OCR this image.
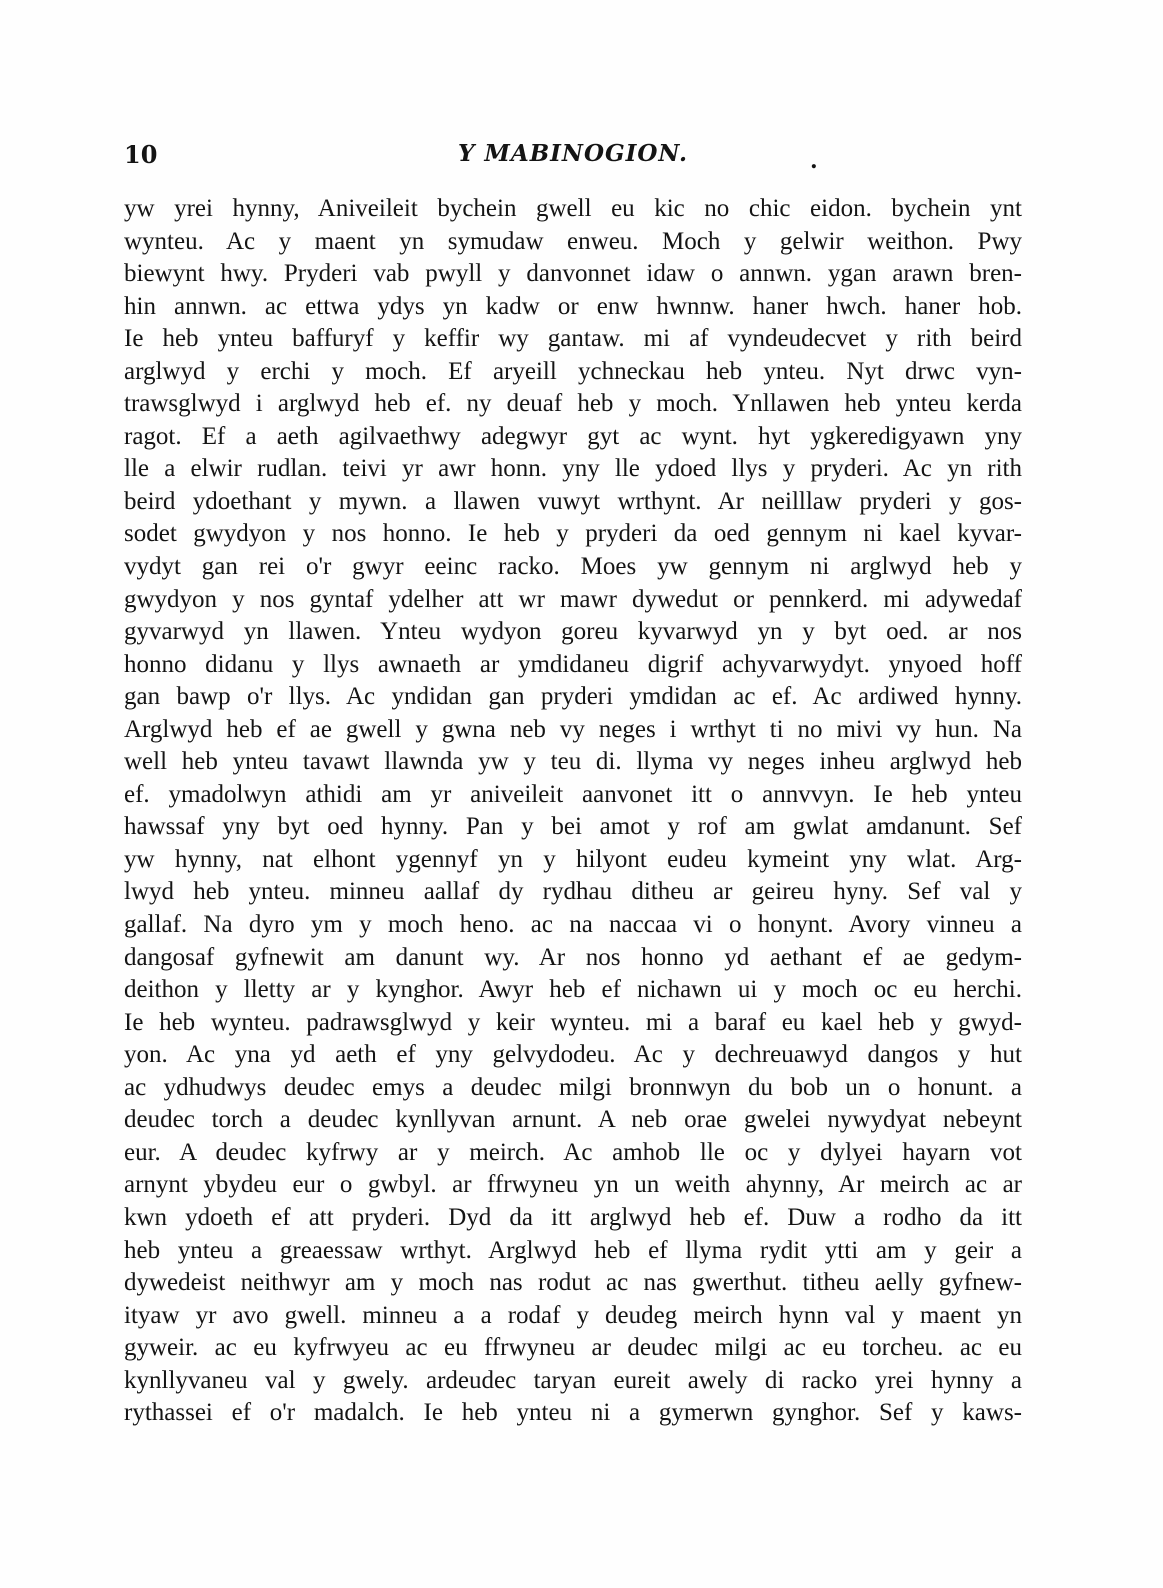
10	Y MABINOGION.	.
yw yrei hynny, Aniveileit bychein gwell eu kic no chic eidon. bychein ynt
wynteu. Ac y maent yn symudaw enweu. Moch y gelwir weithon. Pwy
biewynt hwy. Pryderi vab pwyll y danvonnet idaw o annwn. ygan arawn bren-
hin annwn. ac ettwa ydys yn kadw or enw hwnnw. haner hwch. haner hob.
Ie heb ynteu baffuryf y keffir wy gantaw. mi af vyndeudecvet y rith beird
arglwyd y erchi y moch. Ef aryeill ychneckau heb ynteu. Nyt drwc vyn-
trawsglwyd i arglwyd heb ef. ny deuaf heb y moch. Ynllawen heb ynteu kerda
ragot. Ef a aeth agilvaethwy adegwyr gyt ac wynt. hyt ygkeredigyawn yny
lle a elwir rudlan. teivi yr awr honn. yny lle ydoed llys y pryderi. Ac yn rith
beird ydoethant y mywn. a llawen vuwyt wrthynt. Ar neilllaw pryderi y gos-
sodet gwydyon y nos honno. Ie heb y pryderi da oed gennym ni kael kyvar-
vydyt gan rei o'r gwyr eeinc racko. Moes yw gennym ni arglwyd heb y
gwydyon y nos gyntaf ydelher att wr mawr dywedut or pennkerd. mi adywedaf
gyvarwyd yn llawen. Ynteu wydyon goreu kyvarwyd yn y byt oed. ar nos
honno didanu y llys awnaeth ar ymdidaneu digrif achyvarwydyt. ynyoed hoff
gan bawp o'r llys. Ac yndidan gan pryderi ymdidan ac ef. Ac ardiwed hynny.
Arglwyd heb ef ae gwell y gwna neb vy neges i wrthyt ti no mivi vy hun. Na
well heb ynteu tavawt llawnda yw y teu di. llyma vy neges inheu arglwyd heb
ef. ymadolwyn athidi am yr aniveileit aanvonet itt o annvvyn. Ie heb ynteu
hawssaf yny byt oed hynny. Pan y bei amot y rof am gwlat amdanunt. Sef
yw hynny, nat elhont ygennyf yn y hilyont eudeu kymeint yny wlat. Arg-
lwyd heb ynteu. minneu aallaf dy rydhau ditheu ar geireu hyny. Sef val y
gallaf. Na dyro ym y moch heno. ac na naccaa vi o honynt. Avory vinneu a
dangosaf gyfnewit am danunt wy. Ar nos honno yd aethant ef ae gedym-
deithon y lletty ar y kynghor. Awyr heb ef nichawn ui y moch oc eu herchi.
Ie heb wynteu. padrawsglwyd y keir wynteu. mi a baraf eu kael heb y gwyd-
yon. Ac yna yd aeth ef yny gelvydodeu. Ac y dechreuawyd dangos y hut
ac ydhudwys deudec emys a deudec milgi bronnwyn du bob un o honunt. a
deudec torch a deudec kynllyvan arnunt. A neb orae gwelei nywydyat nebeynt
eur. A deudec kyfrwy ar y meirch. Ac amhob lle oc y dylyei hayarn vot
arnynt ybydeu eur o gwbyl. ar ffrwyneu yn un weith ahynny, Ar meirch ac ar
kwn ydoeth ef att pryderi. Dyd da itt arglwyd heb ef. Duw a rodho da itt
heb ynteu a greaessaw wrthyt. Arglwyd heb ef llyma rydit ytti am y geir a
dywedeist neithwyr am y moch nas rodut ac nas gwerthut. titheu aelly gyfnew-
ityaw yr avo gwell. minneu a a rodaf y deudeg meirch hynn val y maent yn
gyweir. ac eu kyfrwyeu ac eu ffrwyneu ar deudec milgi ac eu torcheu. ac eu
kynllyvaneu val y gwely. ardeudec taryan eureit awely di racko yrei hynny a
rythassei ef o'r madalch. Ie heb ynteu ni a gymerwn gynghor. Sef y kaws-
